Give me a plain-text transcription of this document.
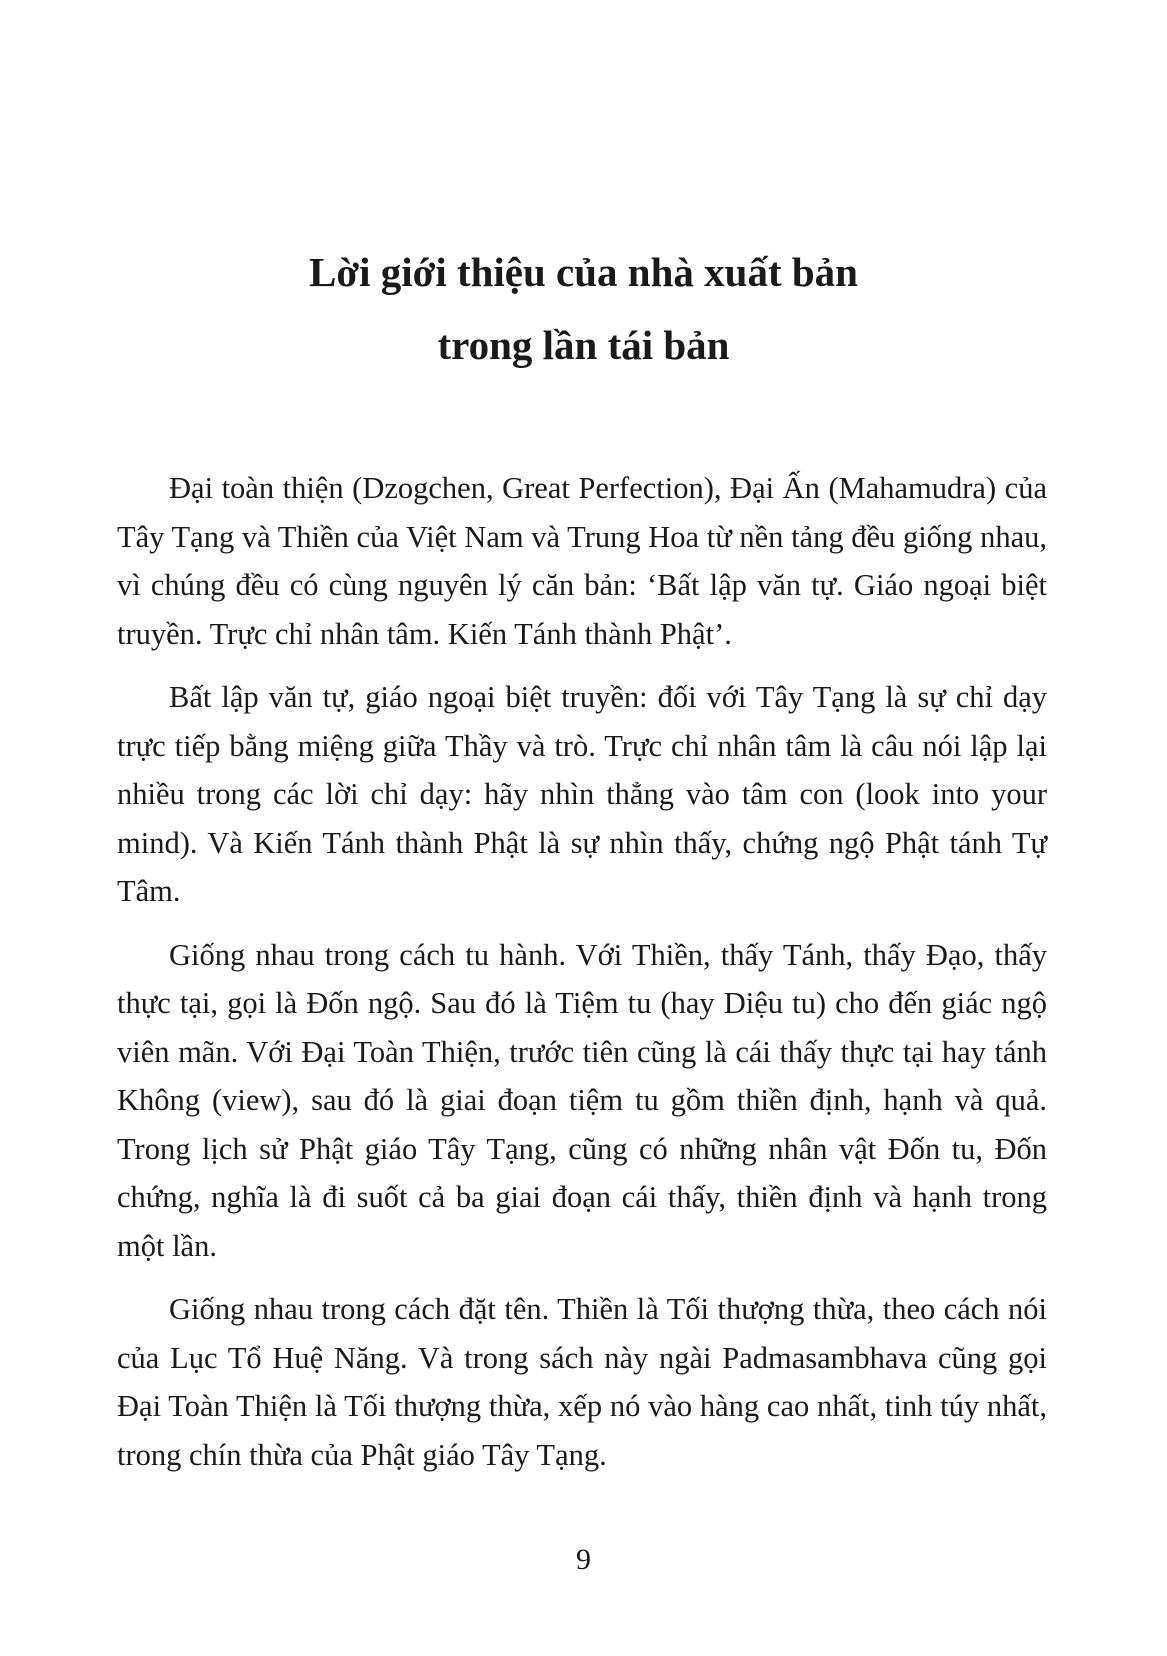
Lời giới thiệu của nhà xuất bản
trong lần tái bản

Đại toàn thiện (Dzogchen, Great Perfection), Đại Ấn (Mahamudra) của Tây Tạng và Thiền của Việt Nam và Trung Hoa từ nền tảng đều giống nhau, vì chúng đều có cùng nguyên lý căn bản: ‘Bất lập văn tự. Giáo ngoại biệt truyền. Trực chỉ nhân tâm. Kiến Tánh thành Phật’.

Bất lập văn tự, giáo ngoại biệt truyền: đối với Tây Tạng là sự chỉ dạy trực tiếp bằng miệng giữa Thầy và trò. Trực chỉ nhân tâm là câu nói lập lại nhiều trong các lời chỉ dạy: hãy nhìn thẳng vào tâm con (look into your mind). Và Kiến Tánh thành Phật là sự nhìn thấy, chứng ngộ Phật tánh Tự Tâm.

Giống nhau trong cách tu hành. Với Thiền, thấy Tánh, thấy Đạo, thấy thực tại, gọi là Đốn ngộ. Sau đó là Tiệm tu (hay Diệu tu) cho đến giác ngộ viên mãn. Với Đại Toàn Thiện, trước tiên cũng là cái thấy thực tại hay tánh Không (view), sau đó là giai đoạn tiệm tu gồm thiền định, hạnh và quả. Trong lịch sử Phật giáo Tây Tạng, cũng có những nhân vật Đốn tu, Đốn chứng, nghĩa là đi suốt cả ba giai đoạn cái thấy, thiền định và hạnh trong một lần.

Giống nhau trong cách đặt tên. Thiền là Tối thượng thừa, theo cách nói của Lục Tổ Huệ Năng. Và trong sách này ngài Padmasambhava cũng gọi Đại Toàn Thiện là Tối thượng thừa, xếp nó vào hàng cao nhất, tinh túy nhất, trong chín thừa của Phật giáo Tây Tạng.

9
